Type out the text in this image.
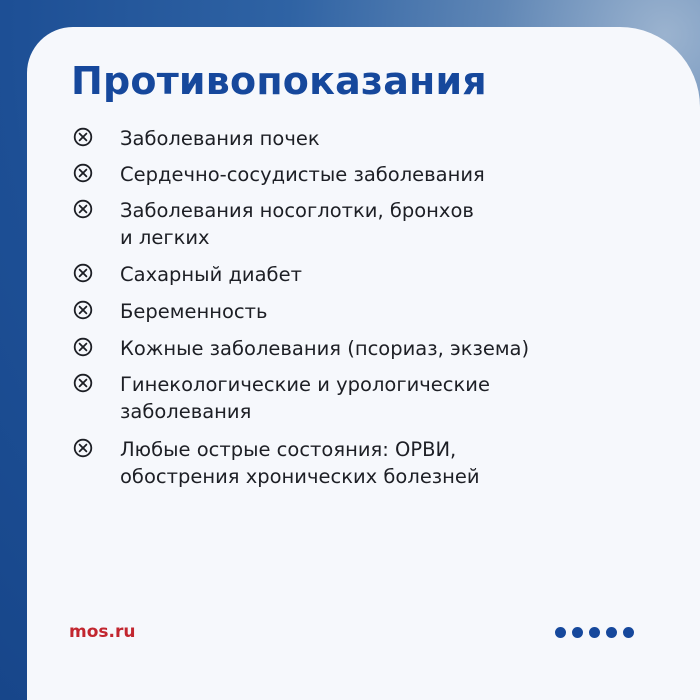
Противопоказания
Заболевания почек
Сердечно-сосудистые заболевания
Заболевания носоглотки, бронхов
и легких
Сахарный диабет
Беременность
Кожные заболевания (псориаз, экзема)
Гинекологические и урологические
заболевания
Любые острые состояния: ОРВИ,
обострения хронических болезней
mos.ru
